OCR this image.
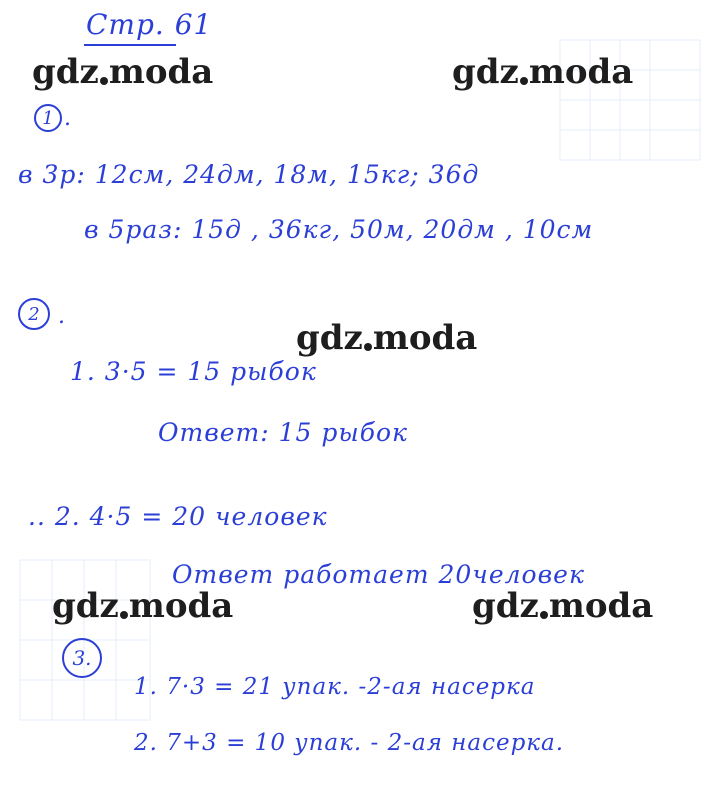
Стр. 61
gdz moda	gdz moda
gdz moda
gdz moda	gdz moda
1 .
в 3р: 12см, 24дм, 18м, 15кг; 36д
в 5раз: 15д , 36кг, 50м, 20дм , 10см
2 .
1. 3·5 = 15 рыбок
Ответ: 15 рыбок
.. 2. 4·5 = 20 человек
Ответ работает 20человек
3.
1. 7·3 = 21 упак. -2-ая насерка
2. 7+3 = 10 упак. - 2-ая насерка.
